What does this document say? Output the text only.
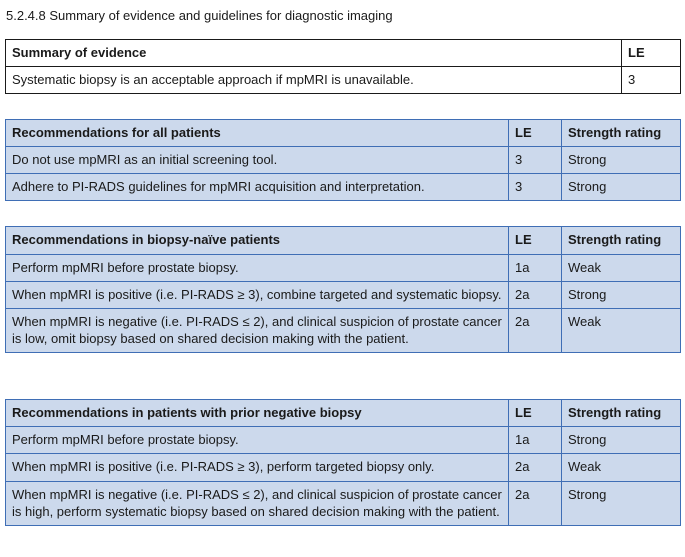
5.2.4.8 Summary of evidence and guidelines for diagnostic imaging
Summary of evidence	LE
Systematic biopsy is an acceptable approach if mpMRI is unavailable.	3
Recommendations for all patients	LE	Strength rating
Do not use mpMRI as an initial screening tool.	3	Strong
Adhere to PI-RADS guidelines for mpMRI acquisition and interpretation.	3	Strong
Recommendations in biopsy-naïve patients	LE	Strength rating
Perform mpMRI before prostate biopsy.	1a	Weak
When mpMRI is positive (i.e. PI-RADS ≥ 3), combine targeted and systematic biopsy.	2a	Strong
When mpMRI is negative (i.e. PI-RADS ≤ 2), and clinical suspicion of prostate cancer is low, omit biopsy based on shared decision making with the patient.	2a	Weak
Recommendations in patients with prior negative biopsy	LE	Strength rating
Perform mpMRI before prostate biopsy.	1a	Strong
When mpMRI is positive (i.e. PI-RADS ≥ 3), perform targeted biopsy only.	2a	Weak
When mpMRI is negative (i.e. PI-RADS ≤ 2), and clinical suspicion of prostate cancer is high, perform systematic biopsy based on shared decision making with the patient.	2a	Strong
